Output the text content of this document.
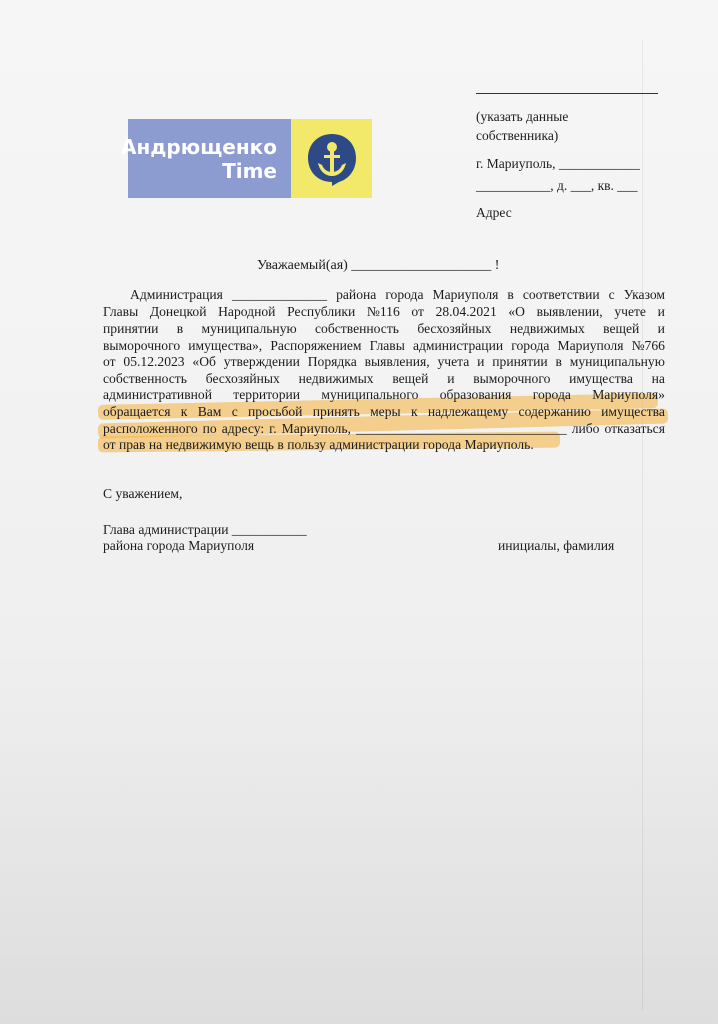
Андрющенко
Time
(указать данные
собственника)
г. Мариуполь, ____________
___________, д. ___, кв. ___
Адрес
Уважаемый(ая) ____________________ !
Администрация ______________ района города Мариуполя в соответствии с Указом
Главы Донецкой Народной Республики №116 от 28.04.2021 «О выявлении, учете и
принятии в муниципальную собственность бесхозяйных недвижимых вещей и
выморочного имущества», Распоряжением Главы администрации города Мариуполя №766
от 05.12.2023 «Об утверждении Порядка выявления, учета и принятии в муниципальную
собственность бесхозяйных недвижимых вещей и выморочного имущества на
административной территории муниципального образования города Мариуполя»
обращается к Вам с просьбой принять меры к надлежащему содержанию имущества
расположенного по адресу: г. Мариуполь, _______________________________ либо отказаться
от прав на недвижимую вещь в пользу администрации города Мариуполь.
С уважением,
Глава администрации ___________
района города Мариуполя	инициалы, фамилия
